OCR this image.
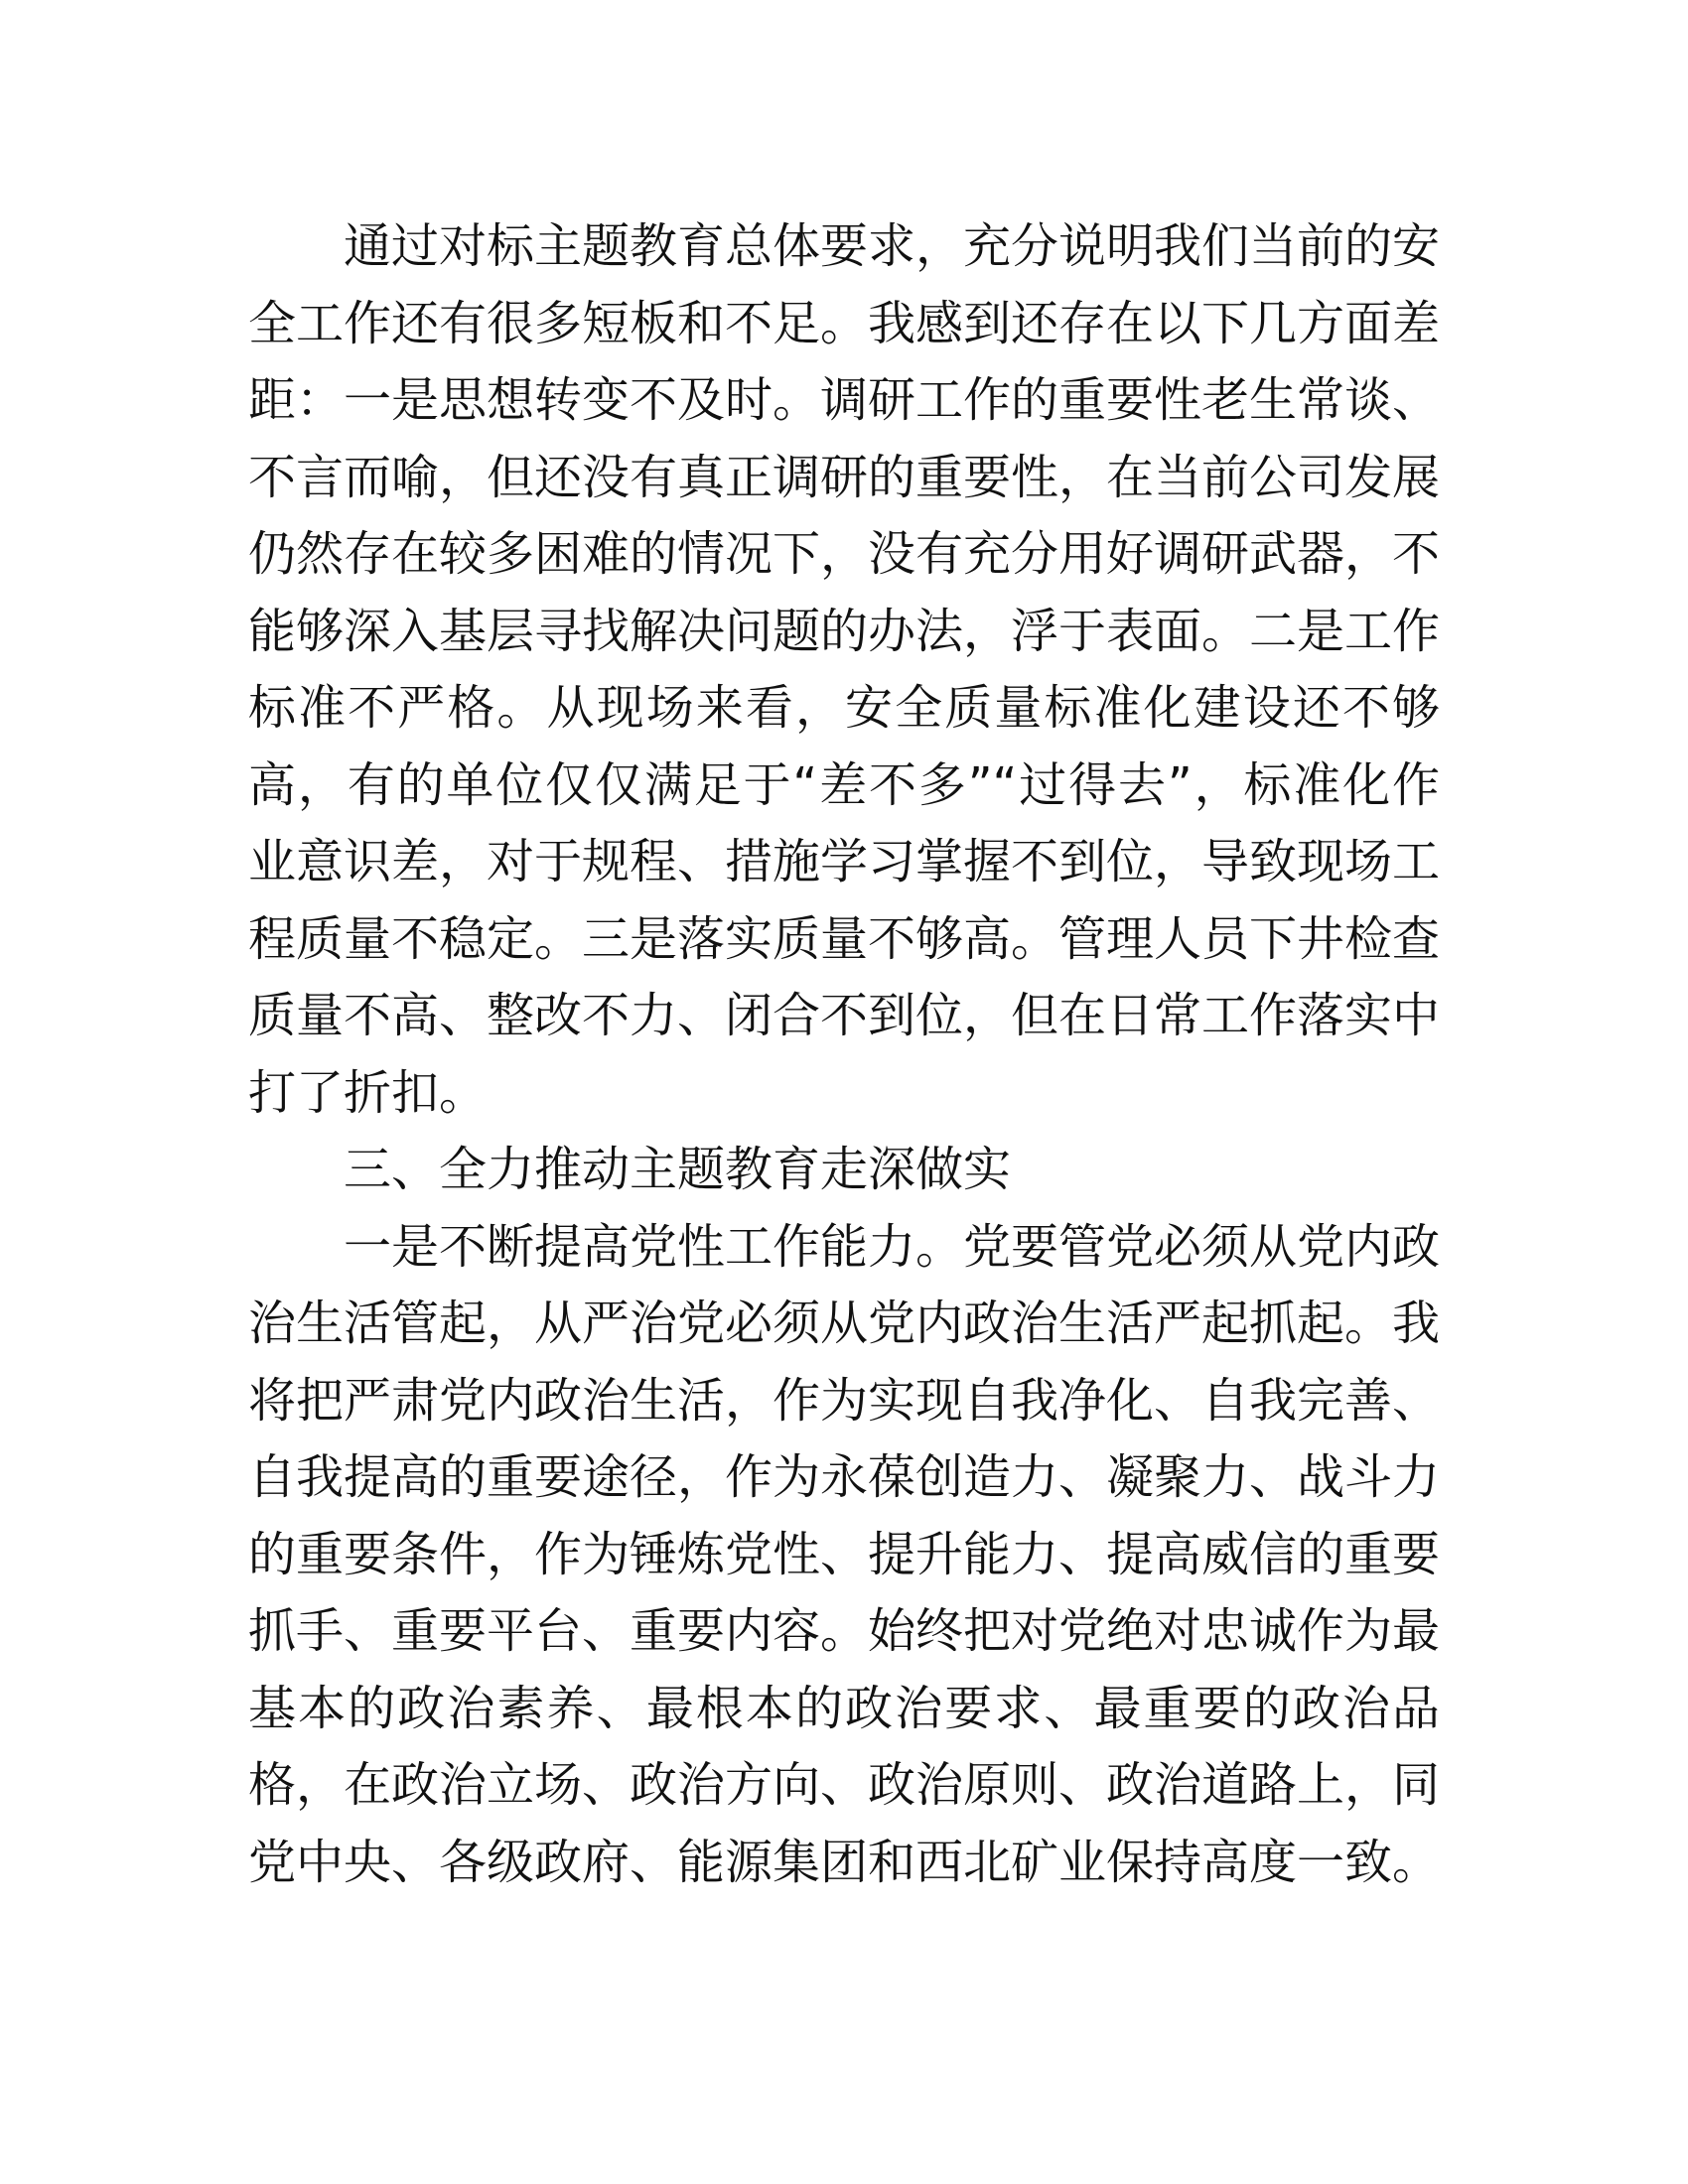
通过对标主题教育总体要求，充分说明我们当前的安全工作还有很多短板和不足。我感到还存在以下几方面差距：一是思想转变不及时。调研工作的重要性老生常谈、不言而喻，但还没有真正调研的重要性，在当前公司发展仍然存在较多困难的情况下，没有充分用好调研武器，不能够深入基层寻找解决问题的办法，浮于表面。二是工作标准不严格。从现场来看，安全质量标准化建设还不够高，有的单位仅仅满足于“差不多”“过得去”，标准化作业意识差，对于规程、措施学习掌握不到位，导致现场工程质量不稳定。三是落实质量不够高。管理人员下井检查质量不高、整改不力、闭合不到位，但在日常工作落实中打了折扣。

三、全力推动主题教育走深做实

一是不断提高党性工作能力。党要管党必须从党内政治生活管起，从严治党必须从党内政治生活严起抓起。我将把严肃党内政治生活，作为实现自我净化、自我完善、自我提高的重要途径，作为永葆创造力、凝聚力、战斗力的重要条件，作为锤炼党性、提升能力、提高威信的重要抓手、重要平台、重要内容。始终把对党绝对忠诚作为最基本的政治素养、最根本的政治要求、最重要的政治品格，在政治立场、政治方向、政治原则、政治道路上，同党中央、各级政府、能源集团和西北矿业保持高度一致。
